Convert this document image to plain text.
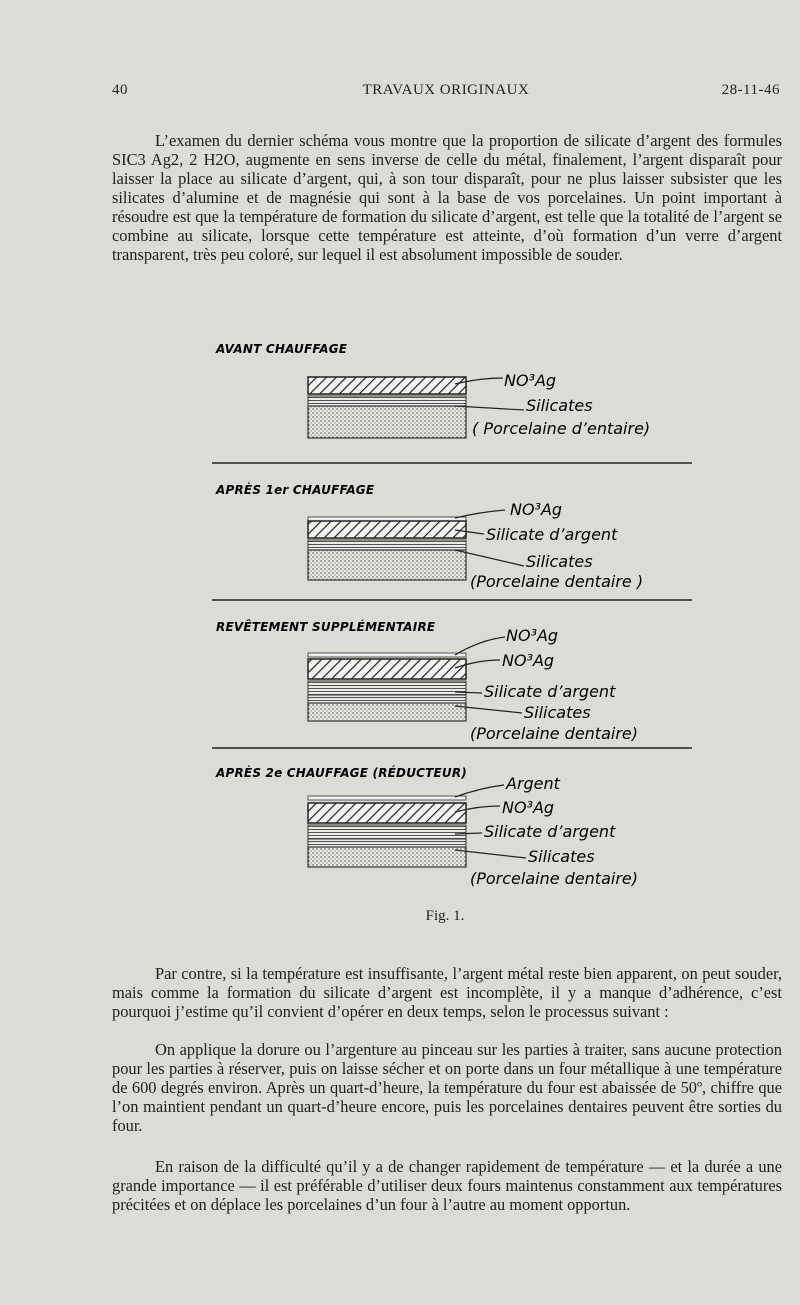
40	TRAVAUX ORIGINAUX	28-11-46

L’examen du dernier schéma vous montre que la proportion de silicate d’argent des formules SIC3 Ag2, 2 H2O, augmente en sens inverse de celle du métal, finalement, l’argent disparaît pour laisser la place au silicate d’argent, qui, à son tour disparaît, pour ne plus laisser subsister que les silicates d’alumine et de magnésie qui sont à la base de vos porcelaines. Un point important à résoudre est que la température de formation du silicate d’argent, est telle que la totalité de l’argent se combine au silicate, lorsque cette température est atteinte, d’où formation d’un verre d’argent transparent, très peu coloré, sur lequel il est absolument impossible de souder.

AVANT CHAUFFAGE
NO³Ag
Silicates
( Porcelaine d’entaire)
APRÈS 1er CHAUFFAGE
NO³Ag
Silicate d’argent
Silicates
(Porcelaine dentaire )
REVÊTEMENT SUPPLÉMENTAIRE	NO³Ag
NO³Ag
Silicate d’argent
Silicates
(Porcelaine dentaire)
APRÈS 2e CHAUFFAGE (RÉDUCTEUR)
Argent
NO³Ag
Silicate d’argent
Silicates
(Porcelaine dentaire)
Fig. 1.

Par contre, si la température est insuffisante, l’argent métal reste bien apparent, on peut souder, mais comme la formation du silicate d’argent est incomplète, il y a manque d’adhérence, c’est pourquoi j’estime qu’il convient d’opérer en deux temps, selon le processus suivant :

On applique la dorure ou l’argenture au pinceau sur les parties à traiter, sans aucune protection pour les parties à réserver, puis on laisse sécher et on porte dans un four métallique à une température de 600 degrés environ. Après un quart-d’heure, la température du four est abaissée de 50º, chiffre que l’on maintient pendant un quart-d’heure encore, puis les porcelaines dentaires peuvent être sorties du four.

En raison de la difficulté qu’il y a de changer rapidement de température — et la durée a une grande importance — il est préférable d’utiliser deux fours maintenus constamment aux températures précitées et on déplace les porcelaines d’un four à l’autre au moment opportun.
